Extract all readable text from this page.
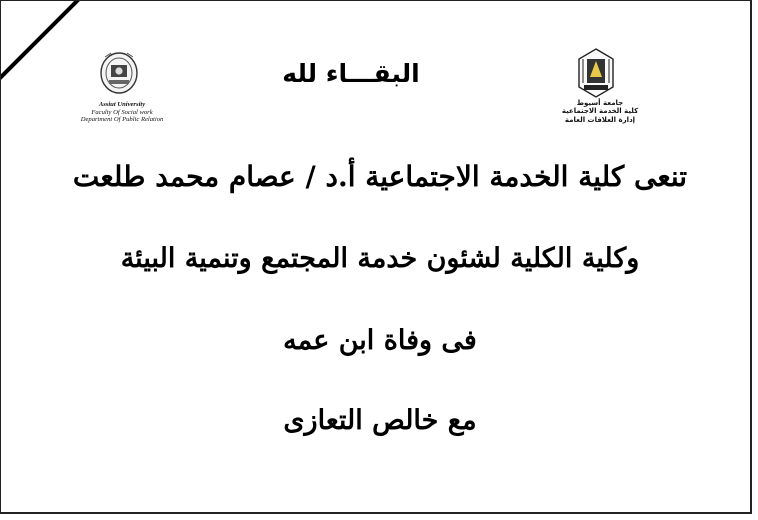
Assiut University
Faculty Of Social work
Department Of Public Relation
جامعة أسيوط
كلية الخدمة الاجتماعية
إدارة العلاقات العامة
البقـــاء لله
تنعى كلية الخدمة الاجتماعية أ.د / عصام محمد طلعت
وكلية الكلية لشئون خدمة المجتمع وتنمية البيئة
فى وفاة ابن عمه
مع خالص التعازى
